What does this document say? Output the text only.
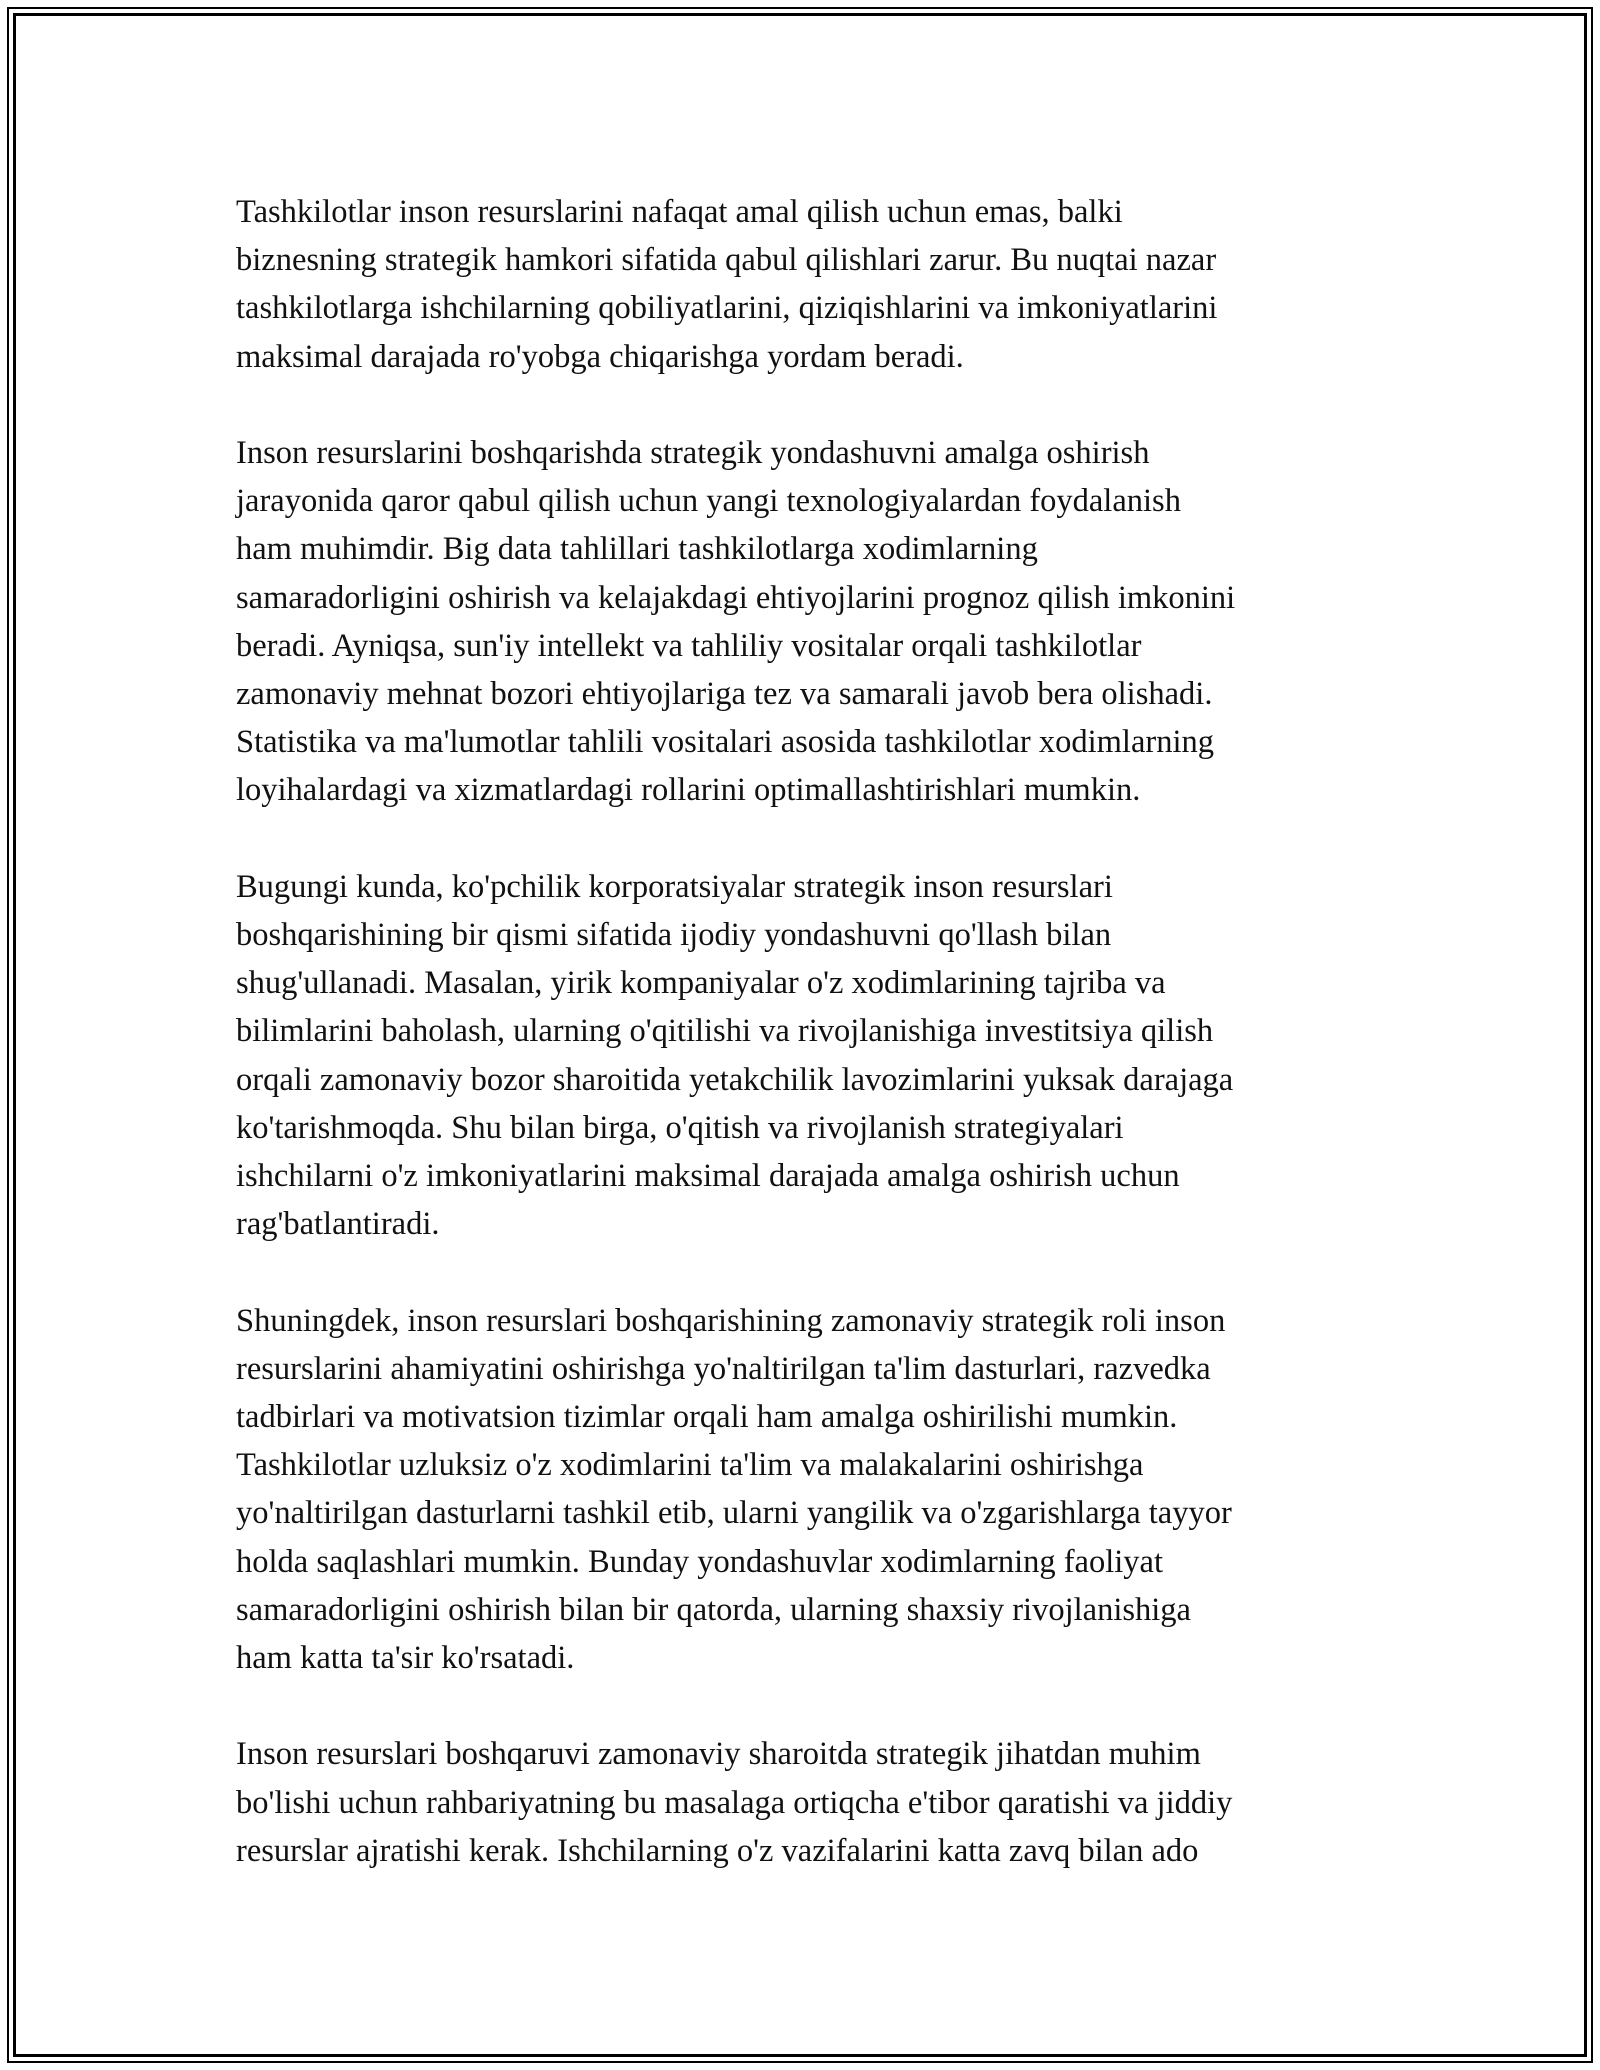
Tashkilotlar inson resurslarini nafaqat amal qilish uchun emas, balki
biznesning strategik hamkori sifatida qabul qilishlari zarur. Bu nuqtai nazar
tashkilotlarga ishchilarning qobiliyatlarini, qiziqishlarini va imkoniyatlarini
maksimal darajada ro'yobga chiqarishga yordam beradi.

Inson resurslarini boshqarishda strategik yondashuvni amalga oshirish
jarayonida qaror qabul qilish uchun yangi texnologiyalardan foydalanish
ham muhimdir. Big data tahlillari tashkilotlarga xodimlarning
samaradorligini oshirish va kelajakdagi ehtiyojlarini prognoz qilish imkonini
beradi. Ayniqsa, sun'iy intellekt va tahliliy vositalar orqali tashkilotlar
zamonaviy mehnat bozori ehtiyojlariga tez va samarali javob bera olishadi.
Statistika va ma'lumotlar tahlili vositalari asosida tashkilotlar xodimlarning
loyihalardagi va xizmatlardagi rollarini optimallashtirishlari mumkin.

Bugungi kunda, ko'pchilik korporatsiyalar strategik inson resurslari
boshqarishining bir qismi sifatida ijodiy yondashuvni qo'llash bilan
shug'ullanadi. Masalan, yirik kompaniyalar o'z xodimlarining tajriba va
bilimlarini baholash, ularning o'qitilishi va rivojlanishiga investitsiya qilish
orqali zamonaviy bozor sharoitida yetakchilik lavozimlarini yuksak darajaga
ko'tarishmoqda. Shu bilan birga, o'qitish va rivojlanish strategiyalari
ishchilarni o'z imkoniyatlarini maksimal darajada amalga oshirish uchun
rag'batlantiradi.

Shuningdek, inson resurslari boshqarishining zamonaviy strategik roli inson
resurslarini ahamiyatini oshirishga yo'naltirilgan ta'lim dasturlari, razvedka
tadbirlari va motivatsion tizimlar orqali ham amalga oshirilishi mumkin.
Tashkilotlar uzluksiz o'z xodimlarini ta'lim va malakalarini oshirishga
yo'naltirilgan dasturlarni tashkil etib, ularni yangilik va o'zgarishlarga tayyor
holda saqlashlari mumkin. Bunday yondashuvlar xodimlarning faoliyat
samaradorligini oshirish bilan bir qatorda, ularning shaxsiy rivojlanishiga
ham katta ta'sir ko'rsatadi.

Inson resurslari boshqaruvi zamonaviy sharoitda strategik jihatdan muhim
bo'lishi uchun rahbariyatning bu masalaga ortiqcha e'tibor qaratishi va jiddiy
resurslar ajratishi kerak. Ishchilarning o'z vazifalarini katta zavq bilan ado
